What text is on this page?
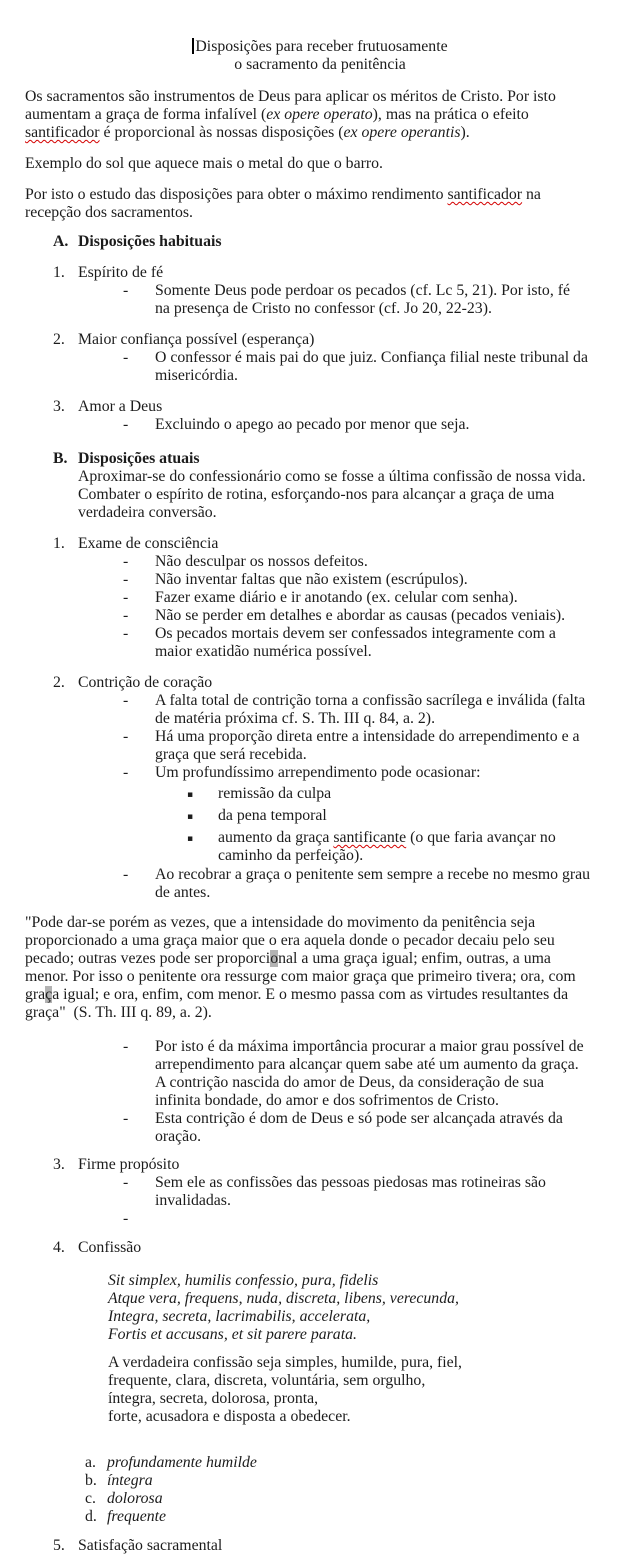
Disposições para receber frutuosamente
o sacramento da penitência
Os sacramentos são instrumentos de Deus para aplicar os méritos de Cristo. Por isto
aumentam a graça de forma infalível (ex opere operato), mas na prática o efeito
santificador é proporcional às nossas disposições (ex opere operantis).
Exemplo do sol que aquece mais o metal do que o barro.
Por isto o estudo das disposições para obter o máximo rendimento santificador na
recepção dos sacramentos.
A. Disposições habituais
1. Espírito de fé
- Somente Deus pode perdoar os pecados (cf. Lc 5, 21). Por isto, fé
na presença de Cristo no confessor (cf. Jo 20, 22-23).
2. Maior confiança possível (esperança)
- O confessor é mais pai do que juiz. Confiança filial neste tribunal da
misericórdia.
3. Amor a Deus
- Excluindo o apego ao pecado por menor que seja.
B. Disposições atuais
Aproximar-se do confessionário como se fosse a última confissão de nossa vida.
Combater o espírito de rotina, esforçando-nos para alcançar a graça de uma
verdadeira conversão.
1. Exame de consciência
- Não desculpar os nossos defeitos.
- Não inventar faltas que não existem (escrúpulos).
- Fazer exame diário e ir anotando (ex. celular com senha).
- Não se perder em detalhes e abordar as causas (pecados veniais).
- Os pecados mortais devem ser confessados integramente com a
maior exatidão numérica possível.
2. Contrição de coração
- A falta total de contrição torna a confissão sacrílega e inválida (falta
de matéria próxima cf. S. Th. III q. 84, a. 2).
- Há uma proporção direta entre a intensidade do arrependimento e a
graça que será recebida.
- Um profundíssimo arrependimento pode ocasionar:
▪ remissão da culpa
▪ da pena temporal
▪ aumento da graça santificante (o que faria avançar no
caminho da perfeição).
- Ao recobrar a graça o penitente sem sempre a recebe no mesmo grau
de antes.
"Pode dar-se porém as vezes, que a intensidade do movimento da penitência seja
proporcionado a uma graça maior que o era aquela donde o pecador decaiu pelo seu
pecado; outras vezes pode ser proporcional a uma graça igual; enfim, outras, a uma
menor. Por isso o penitente ora ressurge com maior graça que primeiro tivera; ora, com
graça igual; e ora, enfim, com menor. E o mesmo passa com as virtudes resultantes da
graça"  (S. Th. III q. 89, a. 2).
- Por isto é da máxima importância procurar a maior grau possível de
arrependimento para alcançar quem sabe até um aumento da graça.
A contrição nascida do amor de Deus, da consideração de sua
infinita bondade, do amor e dos sofrimentos de Cristo.
- Esta contrição é dom de Deus e só pode ser alcançada através da
oração.
3. Firme propósito
- Sem ele as confissões das pessoas piedosas mas rotineiras são
invalidadas.
-
4. Confissão
Sit simplex, humilis confessio, pura, fidelis
Atque vera, frequens, nuda, discreta, libens, verecunda,
Integra, secreta, lacrimabilis, accelerata,
Fortis et accusans, et sit parere parata.
A verdadeira confissão seja simples, humilde, pura, fiel,
frequente, clara, discreta, voluntária, sem orgulho,
íntegra, secreta, dolorosa, pronta,
forte, acusadora e disposta a obedecer.
a. profundamente humilde
b. íntegra
c. dolorosa
d. frequente
5. Satisfação sacramental
